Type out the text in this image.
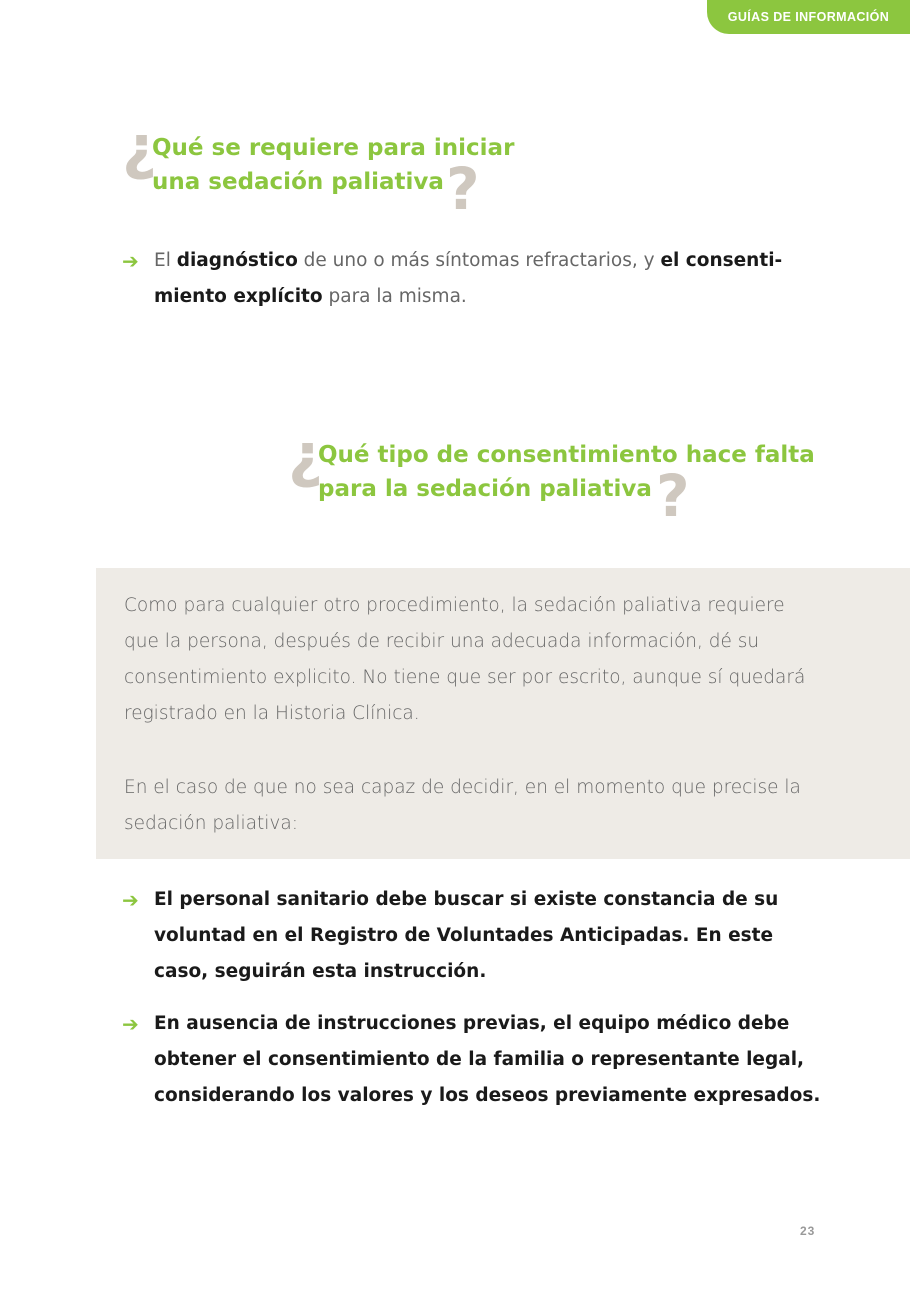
GUÍAS DE INFORMACIÓN
¿
Qué se requiere para iniciar
una sedación paliativa ?
➔ El diagnóstico de uno o más síntomas refractarios, y el consenti-
miento explícito para la misma.
¿
Qué tipo de consentimiento hace falta
para la sedación paliativa ?

Como para cualquier otro procedimiento, la sedación paliativa requiere que la persona, después de recibir una adecuada información, dé su consentimiento explicito. No tiene que ser por escrito, aunque sí quedará registrado en la Historia Clínica.

En el caso de que no sea capaz de decidir, en el momento que precise la sedación paliativa:

➔ El personal sanitario debe buscar si existe constancia de su voluntad en el Registro de Voluntades Anticipadas. En este caso, seguirán esta instrucción.
➔ En ausencia de instrucciones previas, el equipo médico debe obtener el consentimiento de la familia o representante legal, considerando los valores y los deseos previamente expresados.
23
